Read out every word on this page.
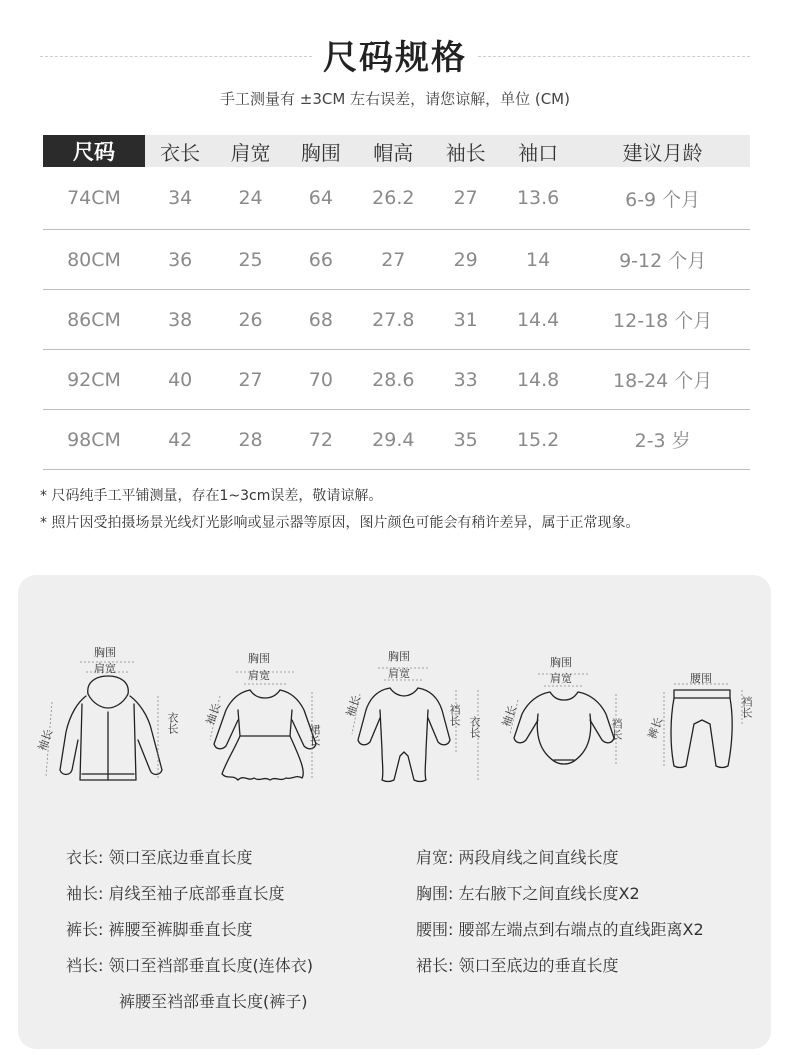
尺码规格
手工测量有 ±3CM 左右误差，请您谅解，单位 (CM)
尺码	衣长	肩宽	胸围	帽高	袖长	袖口	建议月龄
74CM	34	24	64	26.2	27	13.6	6-9 个月
80CM	36	25	66	27	29	14	9-12 个月
86CM	38	26	68	27.8	31	14.4	12-18 个月
92CM	40	27	70	28.6	33	14.8	18-24 个月
98CM	42	28	72	29.4	35	15.2	2-3 岁
* 尺码纯手工平铺测量，存在1~3cm误差，敬请谅解。
* 照片因受拍摄场景光线灯光影响或显示器等原因，图片颜色可能会有稍许差异，属于正常现象。
胸围
肩宽
袖长
衣长
胸围
肩宽
袖长
裙长
胸围
肩宽
袖长	裆长
衣长
胸围
肩宽
袖长
裆长
腰围
裤长
裆长
衣长: 领口至底边垂直长度
袖长: 肩线至袖子底部垂直长度
裤长: 裤腰至裤脚垂直长度
裆长: 领口至裆部垂直长度(连体衣)
裤腰至裆部垂直长度(裤子)
肩宽: 两段肩线之间直线长度
胸围: 左右腋下之间直线长度X2
腰围: 腰部左端点到右端点的直线距离X2
裙长: 领口至底边的垂直长度
